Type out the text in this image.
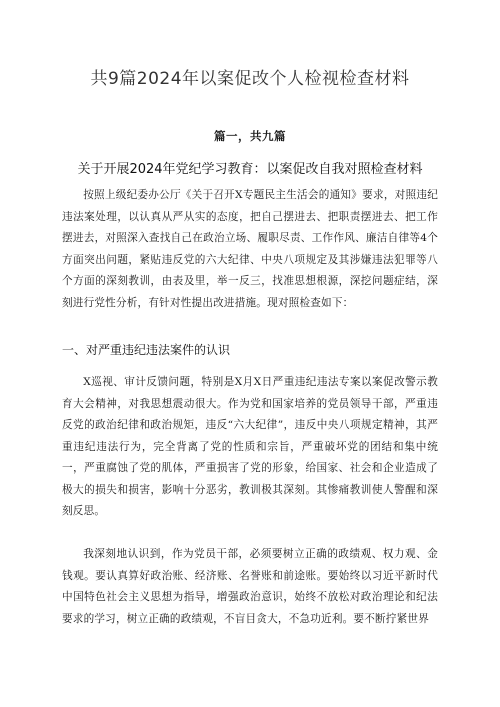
共9篇2024年以案促改个人检视检查材料
篇一，共九篇
关于开展2024年党纪学习教育：以案促改自我对照检查材料
按照上级纪委办公厅《关于召开X专题民主生活会的通知》要求，对照违纪违法案处理，以认真从严从实的态度，把自己摆进去、把职责摆进去、把工作摆进去，对照深入查找自己在政治立场、履职尽责、工作作风、廉洁自律等4个方面突出问题，紧贴违反党的六大纪律、中央八项规定及其涉嫌违法犯罪等八个方面的深刻教训，由表及里，举一反三，找准思想根源，深挖问题症结，深刻进行党性分析，有针对性提出改进措施。现对照检查如下：
一、对严重违纪违法案件的认识
X巡视、审计反馈问题，特别是X月X日严重违纪违法专案以案促改警示教育大会精神，对我思想震动很大。作为党和国家培养的党员领导干部，严重违反党的政治纪律和政治规矩，违反“六大纪律”，违反中央八项规定精神，其严重违纪违法行为，完全背离了党的性质和宗旨，严重破坏党的团结和集中统一，严重腐蚀了党的肌体，严重损害了党的形象，给国家、社会和企业造成了极大的损失和损害，影响十分恶劣，教训极其深刻。其惨痛教训使人警醒和深刻反思。
我深刻地认识到，作为党员干部，必须要树立正确的政绩观、权力观、金钱观。要认真算好政治账、经济账、名誉账和前途账。要始终以习近平新时代中国特色社会主义思想为指导，增强政治意识，始终不放松对政治理论和纪法要求的学习，树立正确的政绩观，不盲目贪大，不急功近利。要不断拧紧世界
